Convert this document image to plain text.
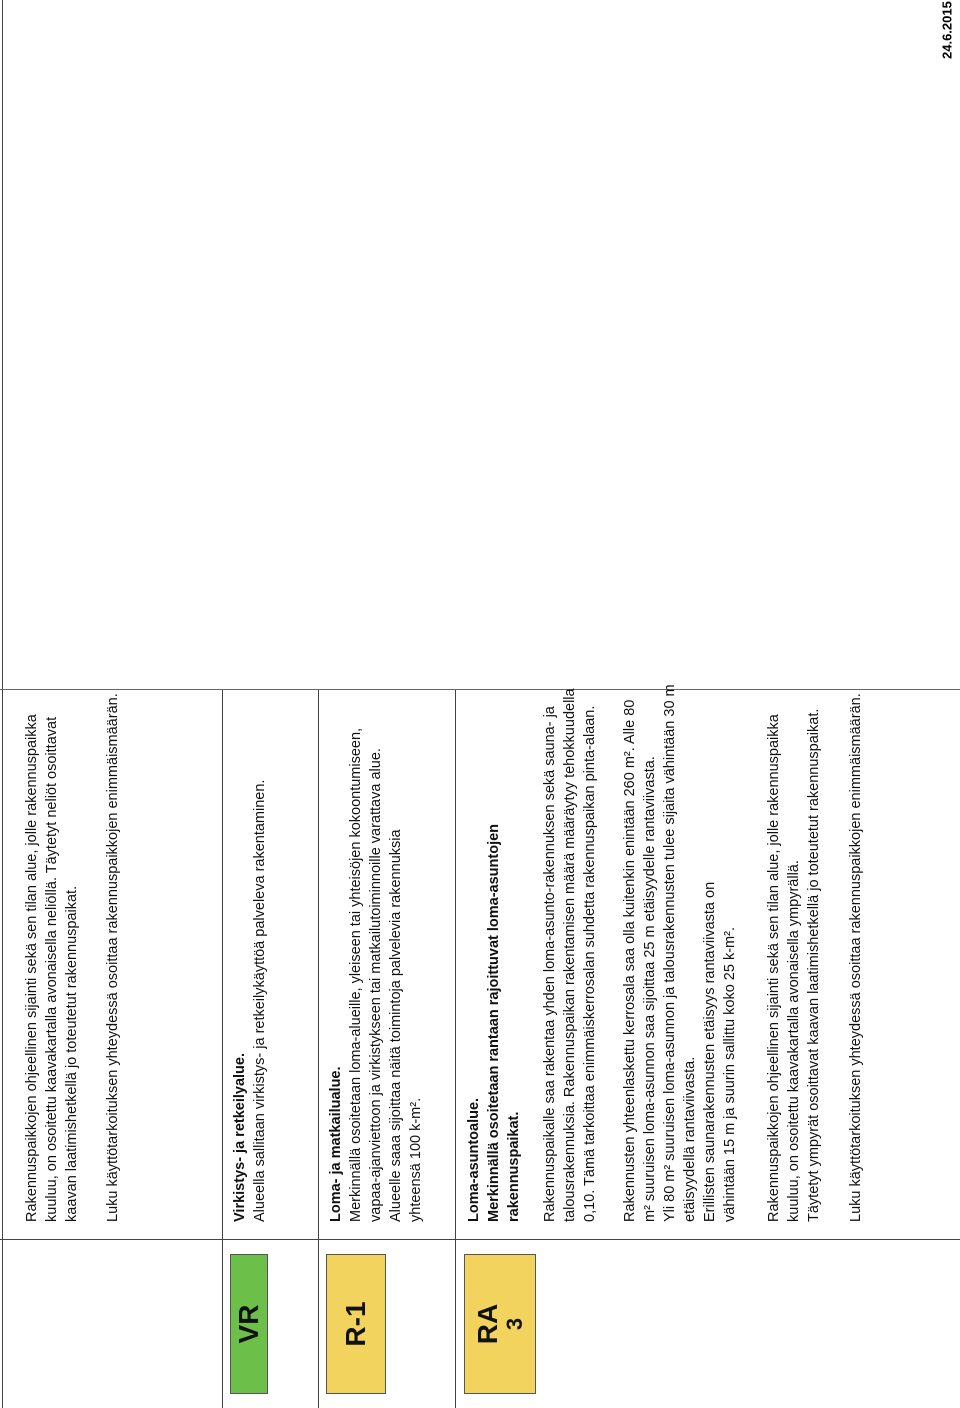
24.6.2015
Rakennuspaikkojen ohjeellinen sijainti sekä sen tilan alue, jolle rakennuspaikka kuuluu, on osoitettu kaavakartalla avonaisella neliöllä. Täytetyt neliöt osoittavat kaavan laatimishetkellä jo toteutetut rakennuspaikat. Luku käyttötarkoituksen yhteydessä osoittaa rakennuspaikkojen enimmäismäärän.
VR
Virkistys- ja retkeilyalue. Alueella sallitaan virkistys- ja retkeilykäyttöä palveleva rakentaminen.
R-1
Loma- ja matkailualue. Merkinnällä osoitetaan loma-alueille, yleiseen tai yhteisöjen kokoontumiseen, vapaa-ajanviettoon ja virkistykseen tai matkailutoiminnoille varattava alue. Alueelle saaa sijoittaa näitä toimintoja palvelevia rakennuksia yhteensä 100 k-m².
RA 3
Loma-asuntoalue. Merkinnällä osoitetaan rantaan rajoittuvat loma-asuntojen rakennuspaikat. Rakennuspaikalle saa rakentaa yhden loma-asunto-rakennuksen sekä sauna- ja talousrakennuksia. Rakennuspaikan rakentamisen määrä määräytyy tehokkuudella 0,10. Tämä tarkoittaa enimmäiskerrosalan suhdetta rakennuspaikan pinta-alaan. Rakennusten yhteenlaskettu kerrosala saa olla kuitenkin enintään 260 m². Alle 80 m² suuruisen loma-asunnon saa sijoittaa 25 m etäisyydelle rantaviivasta. Yli 80 m² suuruisen loma-asunnon ja talousrakennusten tulee sijaita vähintään 30 m etäisyydellä rantaviivasta. Erillisten saunarakennusten etäisyys rantaviivasta on vähintään 15 m ja suurin sallittu koko 25 k-m². Rakennuspaikkojen ohjeellinen sijainti sekä sen tilan alue, jolle rakennuspaikka kuuluu, on osoitettu kaavakartalla avonaisella ympyrällä. Täytetyt ympyrät osoittavat kaavan laatimishetkellä jo toteutetut rakennuspaikat. Luku käyttötarkoituksen yhteydessä osoittaa rakennuspaikkojen enimmäismäärän.
